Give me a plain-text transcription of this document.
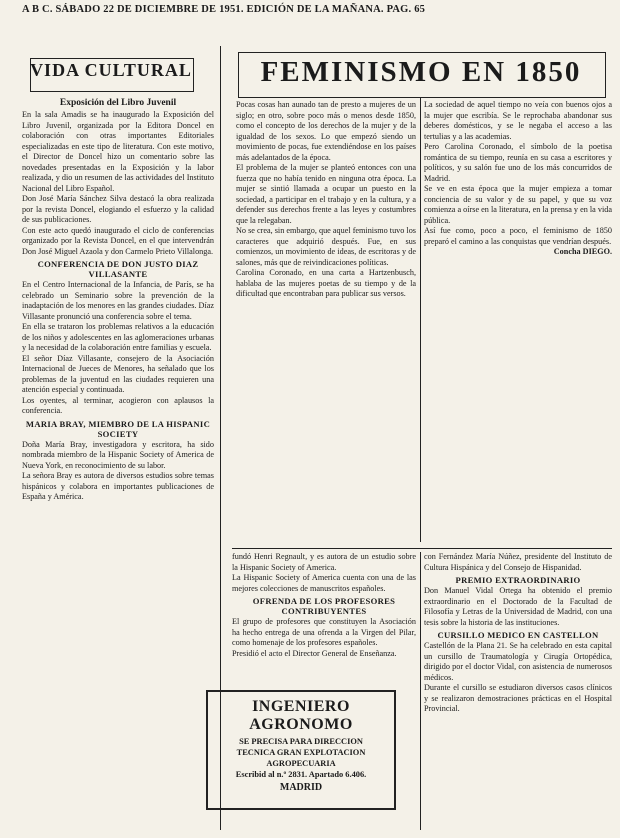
A B C. SÁBADO 22 DE DICIEMBRE DE 1951. EDICIÓN DE LA MAÑANA. PAG. 65
VIDA CULTURAL

Exposición del Libro Juvenil

En la sala Amadis se ha inaugurado la Exposición del Libro Juvenil, organizada por la Editora Doncel en colaboración con otras importantes Editoriales especializadas en este tipo de literatura. Con este motivo, el Director de Doncel hizo un comentario sobre las novedades presentadas en la Exposición y la labor realizada, y dio un resumen de las actividades del Instituto Nacional del Libro Español.

Don José María Sánchez Silva destacó la obra realizada por la revista Doncel, elogiando el esfuerzo y la calidad de sus publicaciones.

Con este acto quedó inaugurado el ciclo de conferencias organizado por la Revista Doncel, en el que intervendrán Don José Miguel Azaola y don Carmelo Prieto Villalonga.

CONFERENCIA DE DON JUSTO DIAZ VILLASANTE

En el Centro Internacional de la Infancia, de París, se ha celebrado un Seminario sobre la prevención de la inadaptación de los menores en las grandes ciudades. Díaz Villasante pronunció una conferencia sobre el tema.

En ella se trataron los problemas relativos a la educación de los niños y adolescentes en las aglomeraciones urbanas y la necesidad de la colaboración entre familias y escuela.

El señor Díaz Villasante, consejero de la Asociación Internacional de Jueces de Menores, ha señalado que los problemas de la juventud en las ciudades requieren una atención especial y continuada.

Los oyentes, al terminar, acogieron con aplausos la conferencia.

MARIA BRAY, MIEMBRO DE LA HISPANIC SOCIETY

Doña María Bray, investigadora y escritora, ha sido nombrada miembro de la Hispanic Society of America de Nueva York, en reconocimiento de su labor.

La señora Bray es autora de diversos estudios sobre temas hispánicos y colabora en importantes publicaciones de España y América.

FEMINISMO EN 1850

Pocas cosas han aunado tan de presto a mujeres de un siglo; en otro, sobre poco más o menos desde 1850, como el concepto de los derechos de la mujer y de la igualdad de los sexos. Lo que empezó siendo un movimiento de pocas, fue extendiéndose en los países más adelantados de la época.

El problema de la mujer se planteó entonces con una fuerza que no había tenido en ninguna otra época. La mujer se sintió llamada a ocupar un puesto en la sociedad, a participar en el trabajo y en la cultura, y a defender sus derechos frente a las leyes y costumbres que la relegaban.

No se crea, sin embargo, que aquel feminismo tuvo los caracteres que adquirió después. Fue, en sus comienzos, un movimiento de ideas, de escritoras y de salones, más que de reivindicaciones políticas.

Carolina Coronado, en una carta a Hartzenbusch, hablaba de las mujeres poetas de su tiempo y de la dificultad que encontraban para publicar sus versos.

La sociedad de aquel tiempo no veía con buenos ojos a la mujer que escribía. Se le reprochaba abandonar sus deberes domésticos, y se le negaba el acceso a las tertulias y a las academias.

Pero Carolina Coronado, el símbolo de la poetisa romántica de su tiempo, reunía en su casa a escritores y políticos, y su salón fue uno de los más concurridos de Madrid.

Se ve en esta época que la mujer empieza a tomar conciencia de su valor y de su papel, y que su voz comienza a oírse en la literatura, en la prensa y en la vida pública.

Así fue como, poco a poco, el feminismo de 1850 preparó el camino a las conquistas que vendrían después.

Concha DIEGO.

fundó Henri Regnault, y es autora de un estudio sobre la Hispanic Society of America.

La Hispanic Society of America cuenta con una de las mejores colecciones de manuscritos españoles.

OFRENDA DE LOS PROFESORES CONTRIBUYENTES

El grupo de profesores que constituyen la Asociación ha hecho entrega de una ofrenda a la Virgen del Pilar, como homenaje de los profesores españoles.

Presidió el acto el Director General de Enseñanza.

INGENIERO AGRONOMO

SE PRECISA PARA DIRECCION

TECNICA GRAN EXPLOTACION

AGROPECUARIA

Escribid al n.º 2831. Apartado 6.406.

MADRID

con Fernández María Núñez, presidente del Instituto de Cultura Hispánica y del Consejo de Hispanidad.

PREMIO EXTRAORDINARIO

Don Manuel Vidal Ortega ha obtenido el premio extraordinario en el Doctorado de la Facultad de Filosofía y Letras de la Universidad de Madrid, con una tesis sobre la historia de las instituciones.

CURSILLO MEDICO EN CASTELLON

Castellón de la Plana 21. Se ha celebrado en esta capital un cursillo de Traumatología y Cirugía Ortopédica, dirigido por el doctor Vidal, con asistencia de numerosos médicos.

Durante el cursillo se estudiaron diversos casos clínicos y se realizaron demostraciones prácticas en el Hospital Provincial.
